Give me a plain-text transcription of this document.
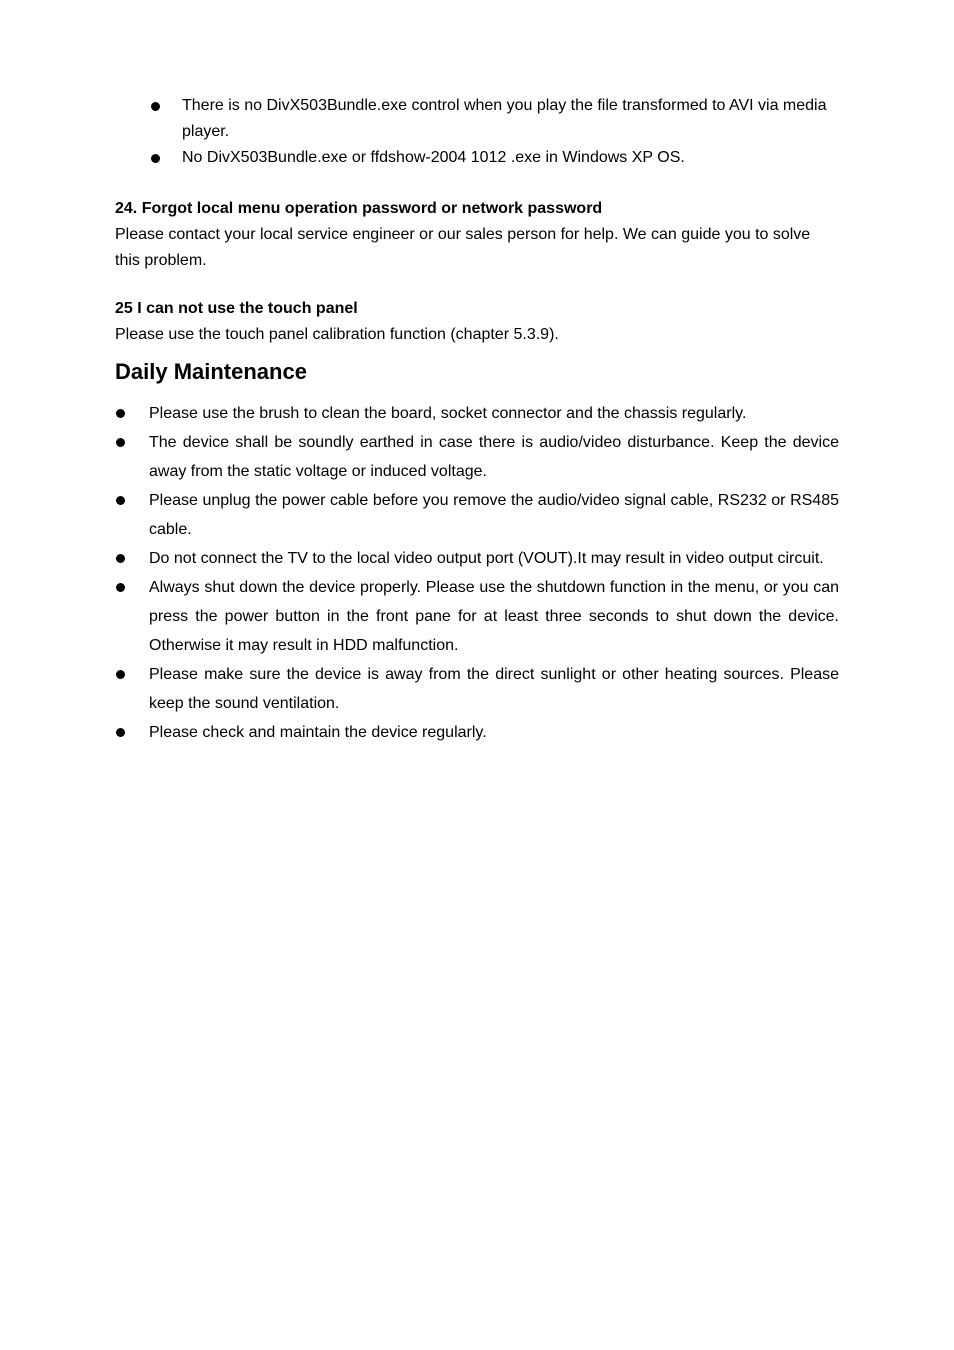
There is no DivX503Bundle.exe control when you play the file transformed to AVI via media player.
No DivX503Bundle.exe or ffdshow-2004 1012 .exe in Windows XP OS.
24. Forgot local menu operation password or network password

Please contact your local service engineer or our sales person for help. We can guide you to solve this problem.

25 I can not use the touch panel

Please use the touch panel calibration function (chapter 5.3.9).

Daily Maintenance
Please use the brush to clean the board, socket connector and the chassis regularly.
The device shall be soundly earthed in case there is audio/video disturbance. Keep the device away from the static voltage or induced voltage.
Please unplug the power cable before you remove the audio/video signal cable, RS232 or RS485 cable.
Do not connect the TV to the local video output port (VOUT).It may result in video output circuit.
Always shut down the device properly. Please use the shutdown function in the menu, or you can press the power button in the front pane for at least three seconds to shut down the device. Otherwise it may result in HDD malfunction.
Please make sure the device is away from the direct sunlight or other heating sources. Please keep the sound ventilation.
Please check and maintain the device regularly.
